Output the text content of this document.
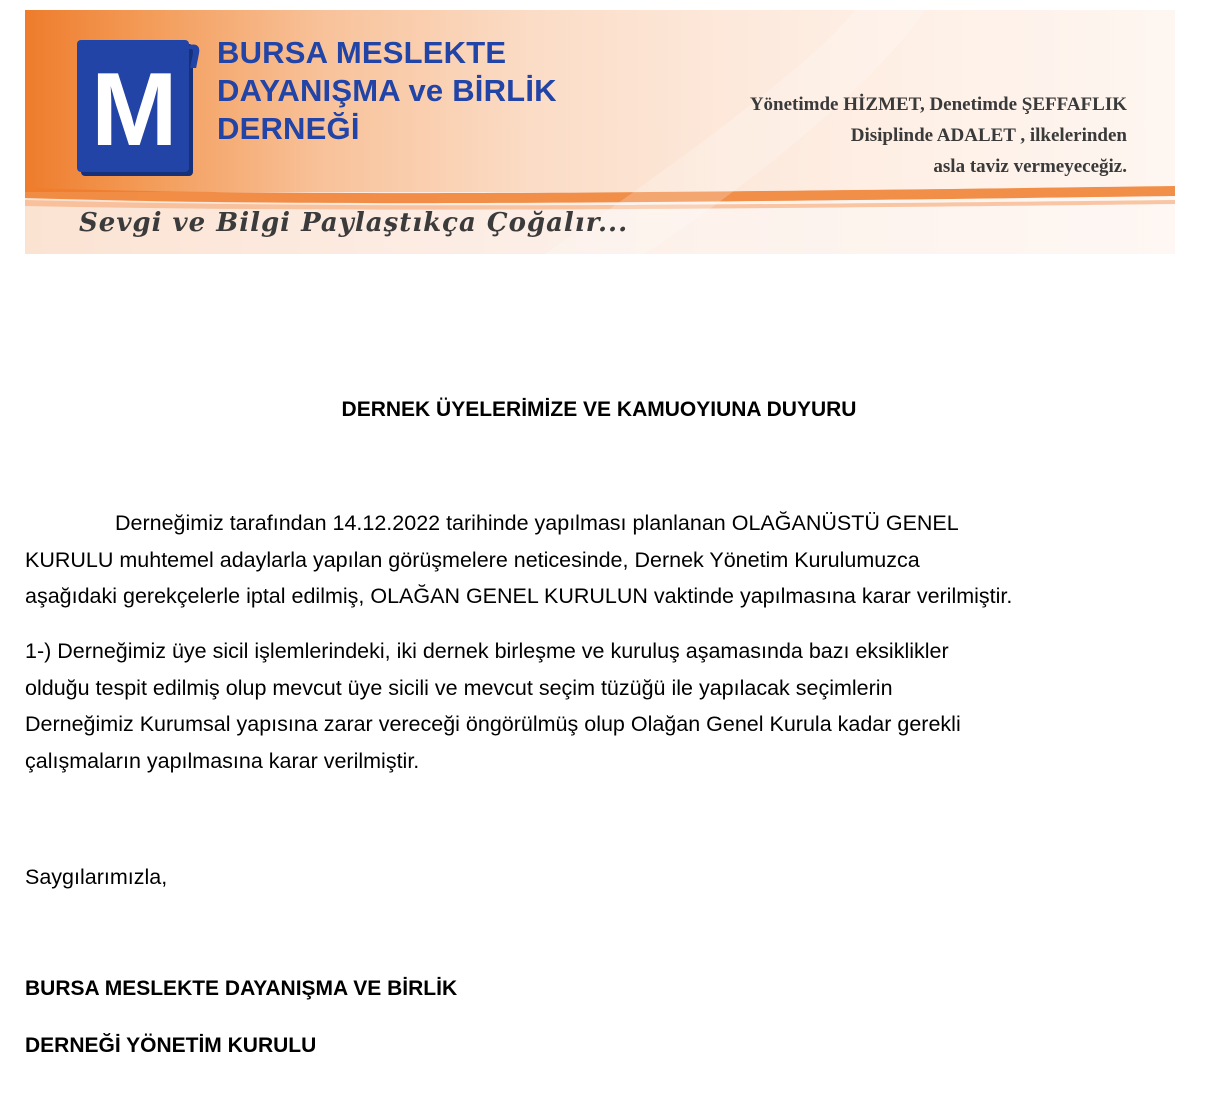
M
m BURSA MESLEKTE
DAYANIŞMA ve BİRLİK
DERNEĞİ
Yönetimde HİZMET, Denetimde ŞEFFAFLIK
Disiplinde ADALET , ilkelerinden
asla taviz vermeyeceğiz.
Sevgi ve Bilgi Paylaştıkça Çoğalır...
DERNEK ÜYELERİMİZE VE KAMUOYIUNA DUYURU
Derneğimiz tarafından 14.12.2022 tarihinde yapılması planlanan OLAĞANÜSTÜ GENEL
KURULU muhtemel adaylarla yapılan görüşmelere neticesinde, Dernek Yönetim Kurulumuzca
aşağıdaki gerekçelerle iptal edilmiş, OLAĞAN GENEL KURULUN vaktinde yapılmasına karar verilmiştir.
1-) Derneğimiz üye sicil işlemlerindeki, iki dernek birleşme ve kuruluş aşamasında bazı eksiklikler
olduğu tespit edilmiş olup mevcut üye sicili ve mevcut seçim tüzüğü ile yapılacak seçimlerin
Derneğimiz Kurumsal yapısına zarar vereceği öngörülmüş olup Olağan Genel Kurula kadar gerekli
çalışmaların yapılmasına karar verilmiştir.
Saygılarımızla,
BURSA MESLEKTE DAYANIŞMA VE BİRLİK
DERNEĞİ YÖNETİM KURULU
